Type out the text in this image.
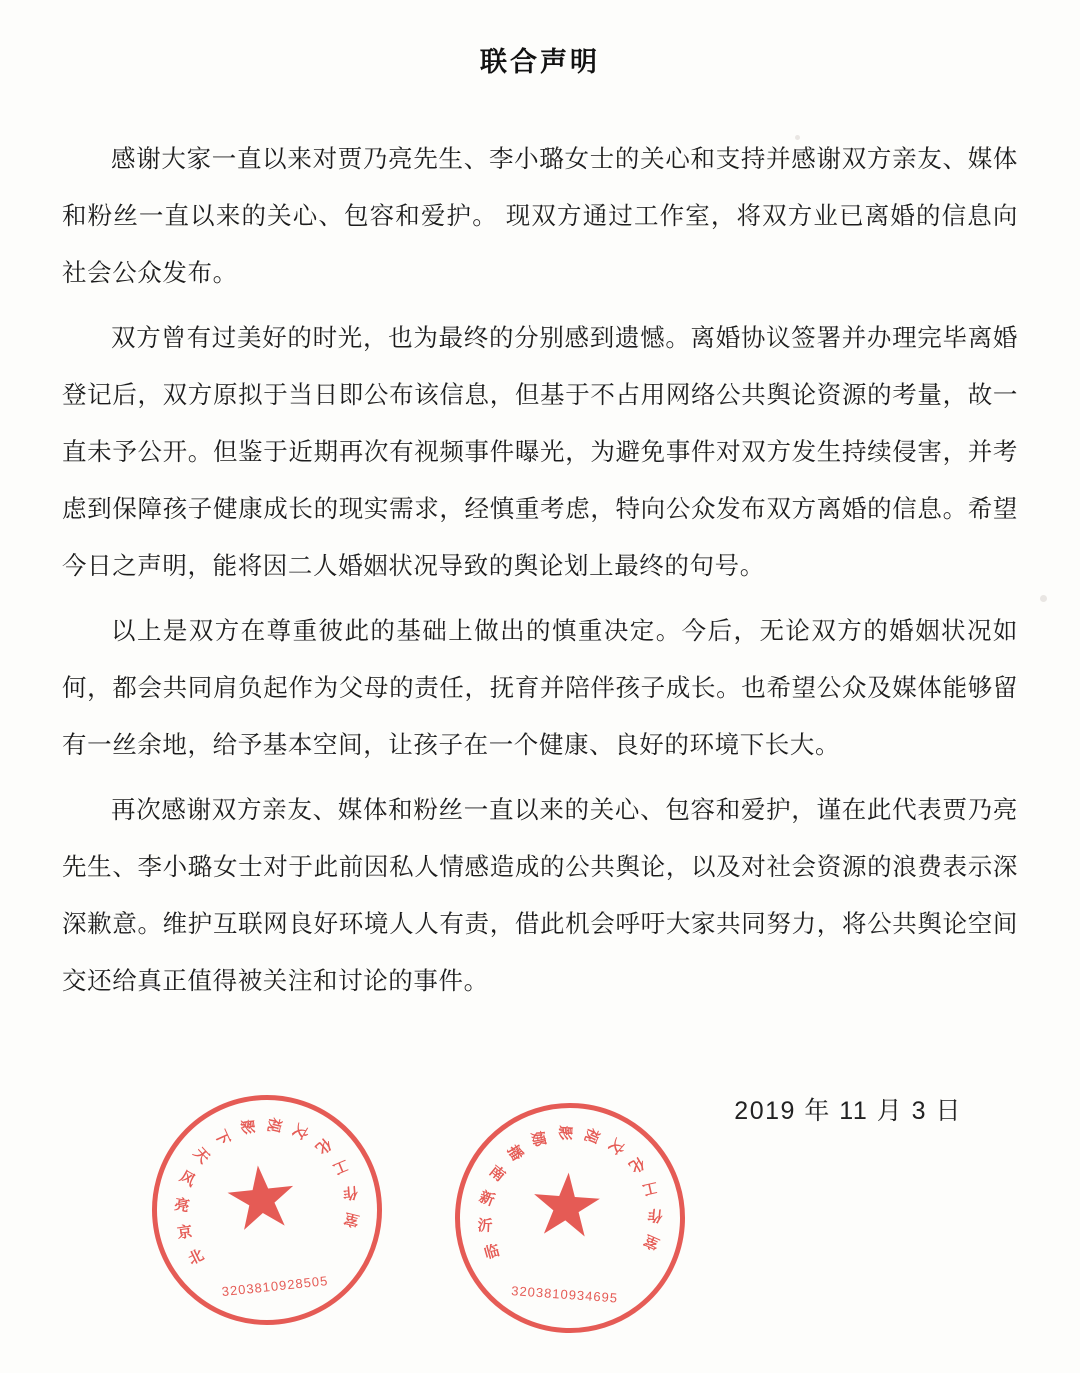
联合声明

感谢大家一直以来对贾乃亮先生、李小璐女士的关心和支持并感谢双方亲友、媒体和粉丝一直以来的关心、包容和爱护。 现双方通过工作室，将双方业已离婚的信息向社会公众发布。

双方曾有过美好的时光，也为最终的分别感到遗憾。离婚协议签署并办理完毕离婚登记后，双方原拟于当日即公布该信息，但基于不占用网络公共舆论资源的考量，故一直未予公开。但鉴于近期再次有视频事件曝光，为避免事件对双方发生持续侵害，并考虑到保障孩子健康成长的现实需求，经慎重考虑，特向公众发布双方离婚的信息。希望今日之声明，能将因二人婚姻状况导致的舆论划上最终的句号。

以上是双方在尊重彼此的基础上做出的慎重决定。今后，无论双方的婚姻状况如何，都会共同肩负起作为父母的责任，抚育并陪伴孩子成长。也希望公众及媒体能够留有一丝余地，给予基本空间，让孩子在一个健康、良好的环境下长大。

再次感谢双方亲友、媒体和粉丝一直以来的关心、包容和爱护，谨在此代表贾乃亮先生、李小璐女士对于此前因私人情感造成的公共舆论，以及对社会资源的浪费表示深深歉意。维护互联网良好环境人人有责，借此机会呼吁大家共同努力，将公共舆论空间交还给真正值得被关注和讨论的事件。

2019 年 11 月 3 日
北
京
亮
风
天
下
影 视 文
化
工
作
室
3203810928505
临
沂
新
南
播
娜 影 视 文
化
工
作
室
3203810934695
